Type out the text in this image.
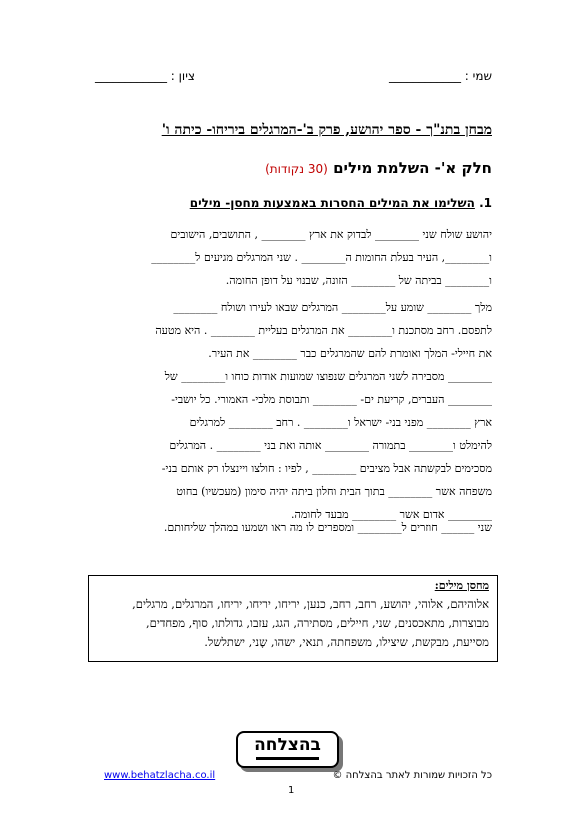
שמי : ____________
ציון : ____________
מבחן בתנ"ך - ספר יהושע, פרק ב'-המרגלים ביריחו- כיתה ו'
חלק א'- השלמת מילים (30 נקודות)
1. השלימו את המילים החסרות באמצעות מחסן- מילים
יהושע שולח שני ________ לבדוק את ארץ ________ , התושבים, הישובים
ו________, העיר בעלת החומות ה________ . שני המרגלים מגיעים ל________
ו________ בביתה של ________ הזונה, שבנוי על דופן החומה.
מלך ________ שומע על________ המרגלים שבאו לעירו ושולח ________
לתפסם. רחב מסתכנת ו________ את המרגלים בעליית ________ . היא מטעה
את חיילי- המלך ואומרת להם שהמרגלים כבר ________ את העיר.
________ מסבירה לשני המרגלים שנפוצו שמועות אודות כוחו ו________ של
________ העברים, קריעת ים- ________ ותבוסת מלכי- האמורי. כל יושבי-
ארץ ________ מפני בני- ישראל ו________ . רחב ________ למרגלים
להימלט ו________ בתמורה ________ אותה ואת בני ________ . המרגלים
מסכימים לבקשתה אבל מציבים ________ , לפיו : חולצו ויינצלו רק אותם בני-
משפחה אשר ________ בתוך הבית וחלון ביתה יהיה סימון (מעכשיו) בחוט
________ אדום אשר ________ מבעד לחומה.
שני ______ חוזרים ל________ ומספרים לו מה ראו ושמעו במהלך שליחותם.
מחסן מילים:
אלוהיהם, אלוהי, יהושע, רחב, רחב, כנען, יריחו, יריחו, יריחו, המרגלים, מרגלים,
מבוצרות, מתאכסנים, שני, חיילים, מסתירה, הגג, עזבו, גדולתו, סוף, מפחדים,
מסייעת, מבקשת, שיצילו, משפחתה, תנאי, ישהו, שָני, ישתלשל.
בהצלחה
כל הזכויות שמורות לאתר בהצלחה ©
www.behatzlacha.co.il
1
